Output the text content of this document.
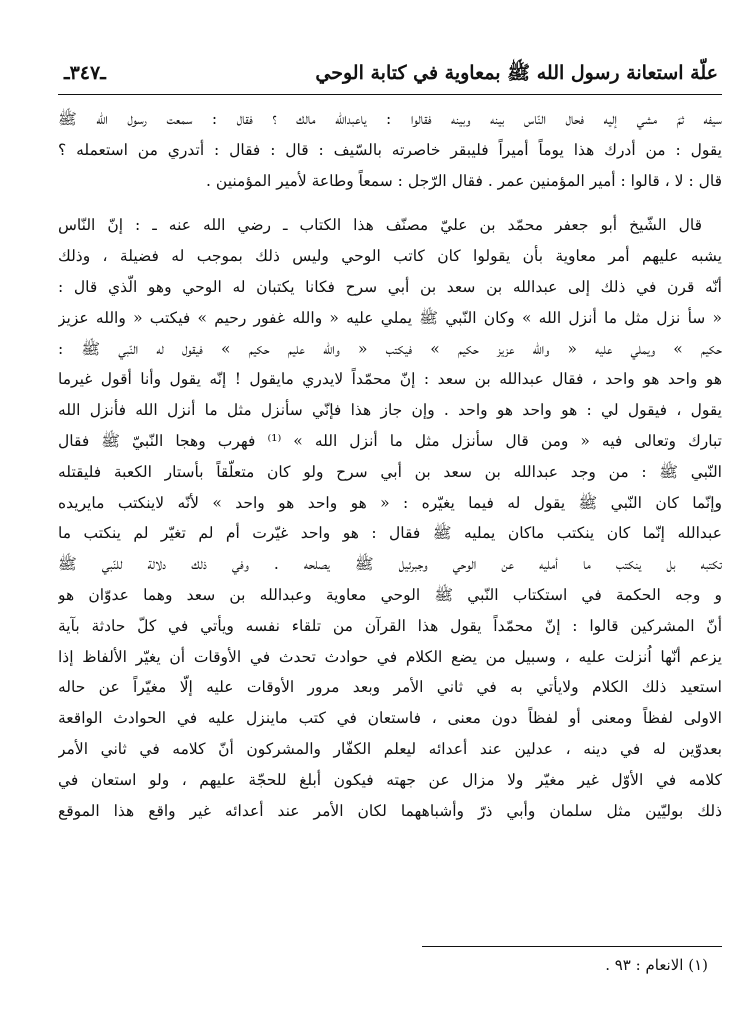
علّة استعانة رسول الله ﷺ بمعاوية في كتابة الوحي
ـ٣٤٧ـ
سيفه ثمّ مشي إليه فحال النّاس بينه وبينه فقالوا : ياعبدالله مالك ؟ فقال : سمعت رسول الله ﷺ
يقول : من أدرك هذا يوماً أميراً فليبقر خاصرته بالسّيف : قال : فقال : أتدري من استعمله ؟
قال : لا ، قالوا : أمير المؤمنين عمر . فقال الرّجل : سمعاً وطاعة لأمير المؤمنين .
قال الشّيخ أبو جعفر محمّد بن عليّ مصنّف هذا الكتاب ـ رضي الله عنه ـ : إنّ النّاس
يشبه عليهم أمر معاوية بأن يقولوا كان كاتب الوحي وليس ذلك بموجب له فضيلة ، وذلك
أنّه قرن في ذلك إلى عبدالله بن سعد بن أبي سرح فكانا يكتبان له الوحي وهو الّذي قال :
« سأ نزل مثل ما أنزل الله » وكان النّبي ﷺ يملي عليه « والله غفور رحيم » فيكتب « والله عزيز
حكيم » ويملي عليه « والله عزيز حكيم » فيكتب « والله عليم حكيم » فيقول له النّبي ﷺ :
هو واحد هو واحد ، فقال عبدالله بن سعد : إنّ محمّداً لايدري مايقول ! إنّه يقول وأنا أقول غيرما
يقول ، فيقول لي : هو واحد هو واحد . وإن جاز هذا فإنّي سأنزل مثل ما أنزل الله فأنزل الله
تبارك وتعالى فيه « ومن قال سأنزل مثل ما أنزل الله » ⁽¹⁾ فهرب وهجا النّبيّ ﷺ فقال
النّبي ﷺ : من وجد عبدالله بن سعد بن أبي سرح ولو كان متعلّقاً بأستار الكعبة فليقتله
وإنّما كان النّبي ﷺ يقول له فيما يغيّره : « هو واحد هو واحد » لأنّه لاينكتب مايريده
عبدالله إنّما كان ينكتب ماكان يمليه ﷺ فقال : هو واحد غيّرت أم لم تغيّر لم ينكتب ما
تكتبه بل ينكتب ما أمليه عن الوحي وجبرئيل ﷺ يصلحه . وفي ذلك دلالة للنّبي ﷺ
و وجه الحكمة في استكتاب النّبي ﷺ الوحي معاوية وعبدالله بن سعد وهما عدوّان هو
أنّ المشركين قالوا : إنّ محمّداً يقول هذا القرآن من تلقاء نفسه ويأتي في كلّ حادثة بآية
يزعم أنّها اُنزلت عليه ، وسبيل من يضع الكلام في حوادث تحدث في الأوقات أن يغيّر الألفاظ إذا
استعيد ذلك الكلام ولايأتي به في ثاني الأمر وبعد مرور الأوقات عليه إلّا مغيّراً عن حاله
الاولى لفظاً ومعنى أو لفظاً دون معنى ، فاستعان في كتب ماينزل عليه في الحوادث الواقعة
بعدوّين له في دينه ، عدلين عند أعدائه ليعلم الكفّار والمشركون أنّ كلامه في ثاني الأمر
كلامه في الأوّل غير مغيّر ولا مزال عن جهته فيكون أبلغ للحجّة عليهم ، ولو استعان في
ذلك بوليّين مثل سلمان وأبي ذرّ وأشباههما لكان الأمر عند أعدائه غير واقع هذا الموقع
(١) الانعام : ٩٣ .
